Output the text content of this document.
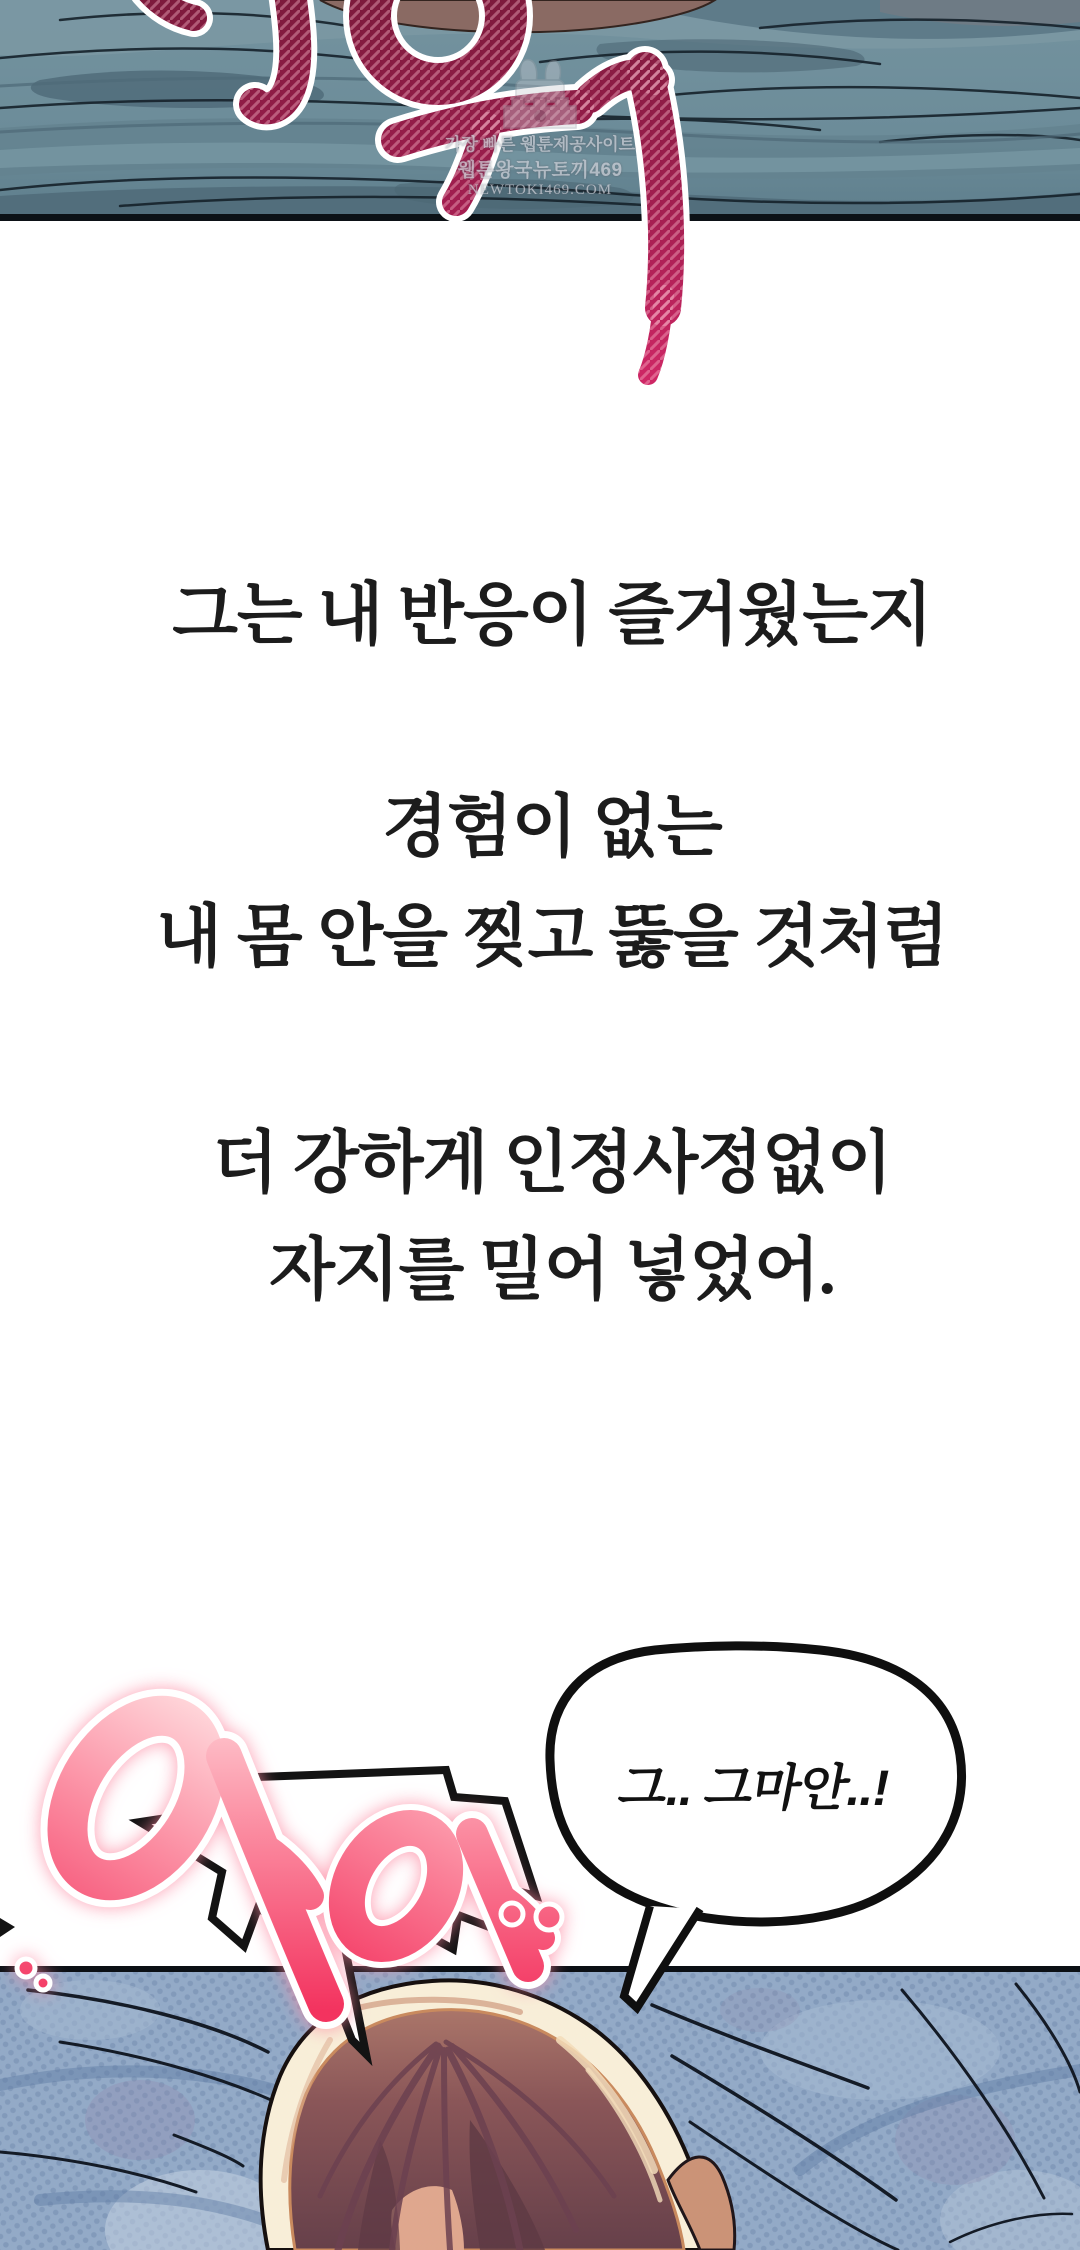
가장 빠른 웹툰제공사이트
웹툰왕국뉴토끼469
NEWTOKI469.COM
그는 내 반응이 즐거웠는지
경험이 없는
내 몸 안을 찢고 뚫을 것처럼
더 강하게 인정사정없이
자지를 밀어 넣었어.
그.. 그마안..!
